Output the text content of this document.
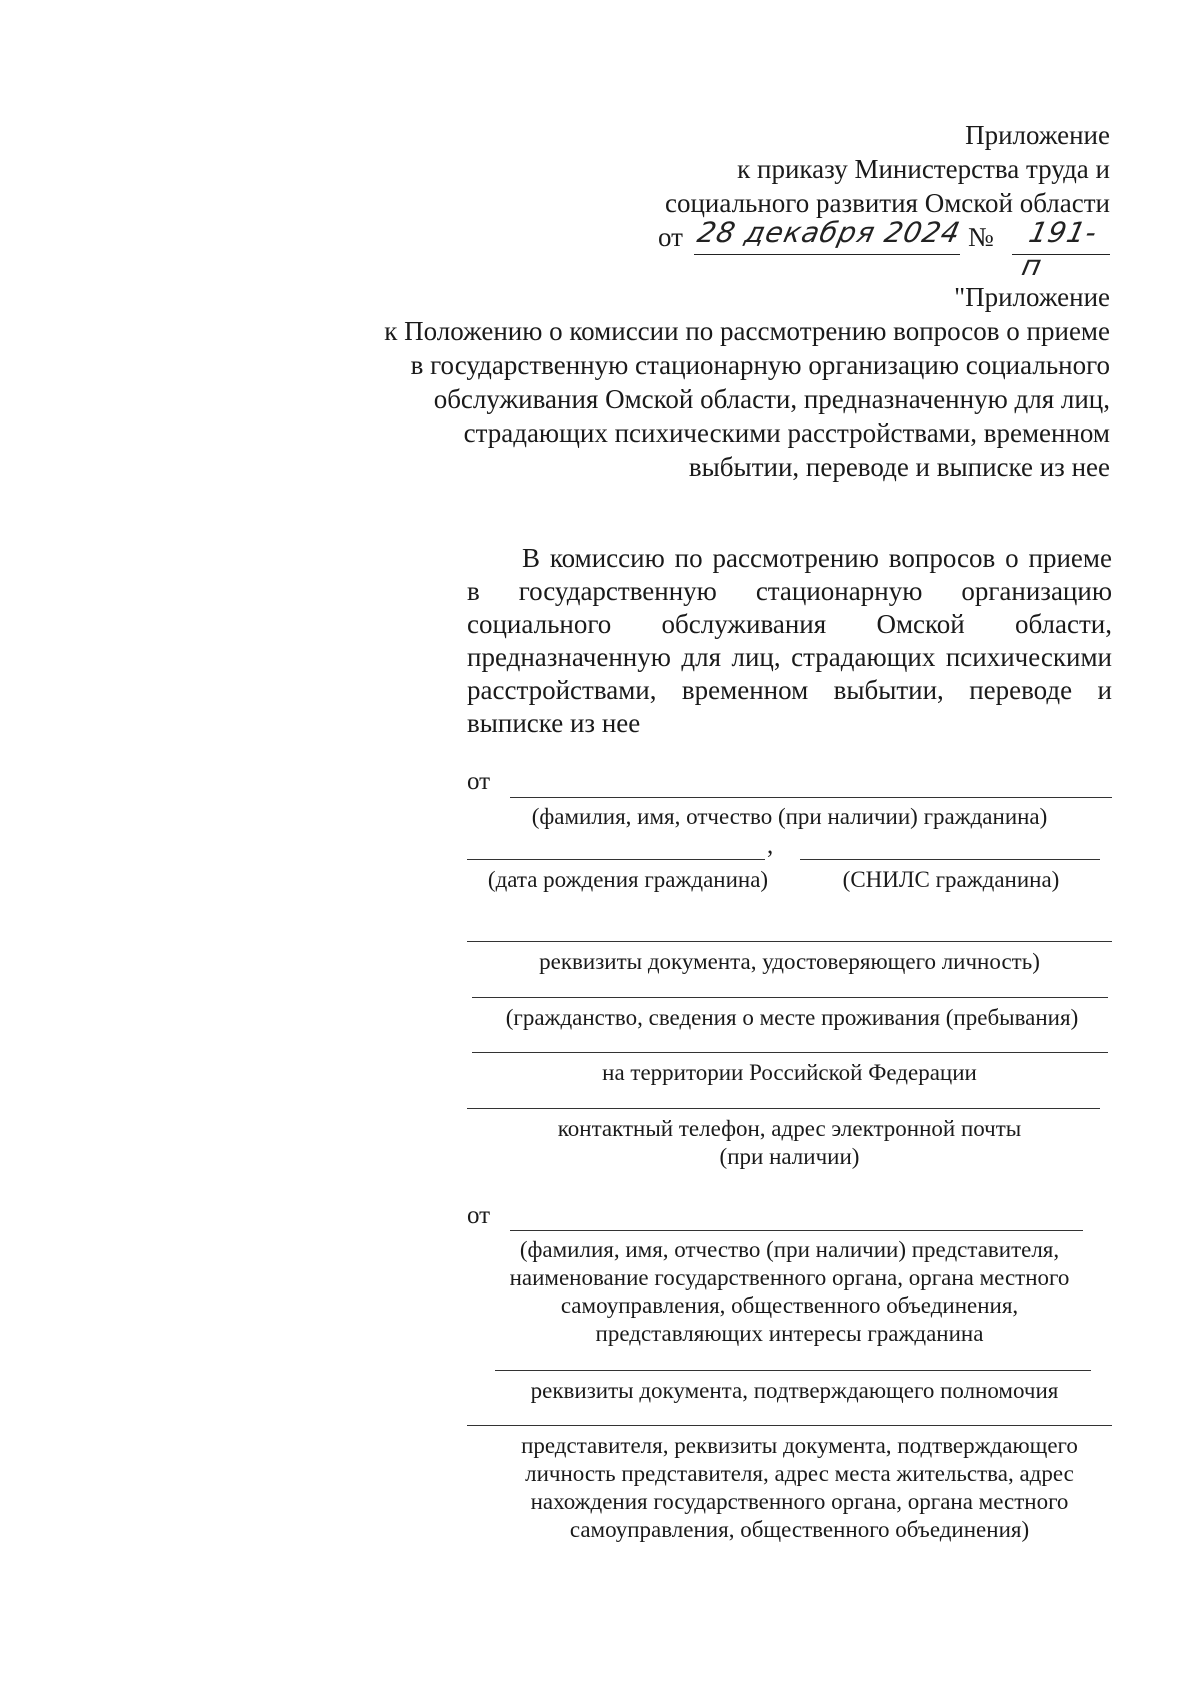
Приложение
к приказу Министерства труда и
социального развития Омской области
от 28 декабря 2024 № 191-п
"Приложение
к Положению о комиссии по рассмотрению вопросов о приеме
в государственную стационарную организацию социального
обслуживания Омской области, предназначенную для лиц,
страдающих психическими расстройствами, временном
выбытии, переводе и выписке из нее
В комиссию по рассмотрению вопросов о приеме в государственную стационарную организацию социального обслуживания Омской области, предназначенную для лиц, страдающих психическими расстройствами, временном выбытии, переводе и выписке из нее
от
(фамилия, имя, отчество (при наличии) гражданина)
,
(дата рождения гражданина)	(СНИЛС гражданина)
реквизиты документа, удостоверяющего личность)
(гражданство, сведения о месте проживания (пребывания)
на территории Российской Федерации
контактный телефон, адрес электронной почты
(при наличии)
от
(фамилия, имя, отчество (при наличии) представителя,
наименование государственного органа, органа местного
самоуправления, общественного объединения,
представляющих интересы гражданина
реквизиты документа, подтверждающего полномочия
представителя, реквизиты документа, подтверждающего
личность представителя, адрес места жительства, адрес
нахождения государственного органа, органа местного
самоуправления, общественного объединения)
